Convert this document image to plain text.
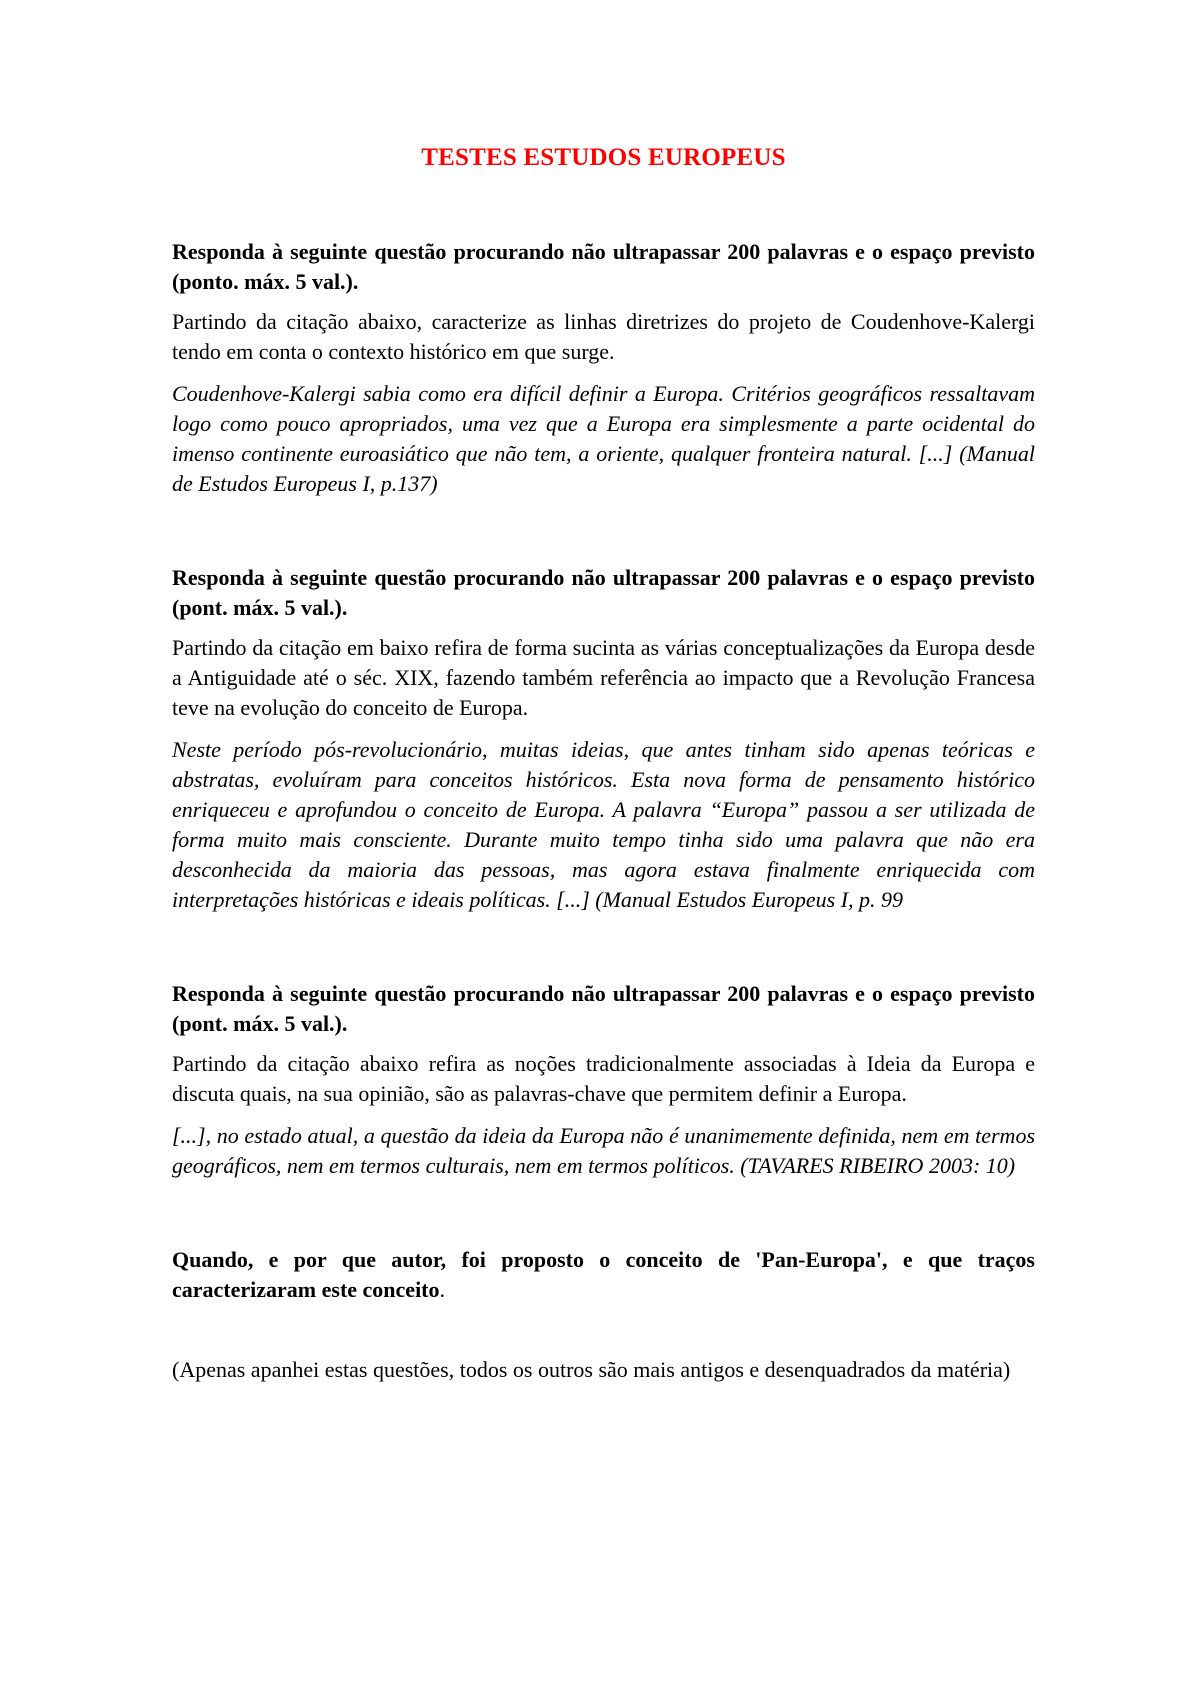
TESTES ESTUDOS EUROPEUS

Responda à seguinte questão procurando não ultrapassar 200 palavras e o espaço previsto (ponto. máx. 5 val.).

Partindo da citação abaixo, caracterize as linhas diretrizes do projeto de Coudenhove-Kalergi tendo em conta o contexto histórico em que surge.

Coudenhove-Kalergi sabia como era difícil definir a Europa. Critérios geográficos ressaltavam logo como pouco apropriados, uma vez que a Europa era simplesmente a parte ocidental do imenso continente euroasiático que não tem, a oriente, qualquer fronteira natural. [...] (Manual de Estudos Europeus I, p.137)

Responda à seguinte questão procurando não ultrapassar 200 palavras e o espaço previsto (pont. máx. 5 val.).

Partindo da citação em baixo refira de forma sucinta as várias conceptualizações da Europa desde a Antiguidade até o séc. XIX, fazendo também referência ao impacto que a Revolução Francesa teve na evolução do conceito de Europa.

Neste período pós-revolucionário, muitas ideias, que antes tinham sido apenas teóricas e abstratas, evoluíram para conceitos históricos. Esta nova forma de pensamento histórico enriqueceu e aprofundou o conceito de Europa. A palavra “Europa” passou a ser utilizada de forma muito mais consciente. Durante muito tempo tinha sido uma palavra que não era desconhecida da maioria das pessoas, mas agora estava finalmente enriquecida com interpretações históricas e ideais políticas. [...] (Manual Estudos Europeus I, p. 99

Responda à seguinte questão procurando não ultrapassar 200 palavras e o espaço previsto (pont. máx. 5 val.).

Partindo da citação abaixo refira as noções tradicionalmente associadas à Ideia da Europa e discuta quais, na sua opinião, são as palavras-chave que permitem definir a Europa.

[...], no estado atual, a questão da ideia da Europa não é unanimemente definida, nem em termos geográficos, nem em termos culturais, nem em termos políticos. (TAVARES RIBEIRO 2003: 10)

Quando, e por que autor, foi proposto o conceito de 'Pan-Europa', e que traços caracterizaram este conceito.

(Apenas apanhei estas questões, todos os outros são mais antigos e desenquadrados da matéria)
